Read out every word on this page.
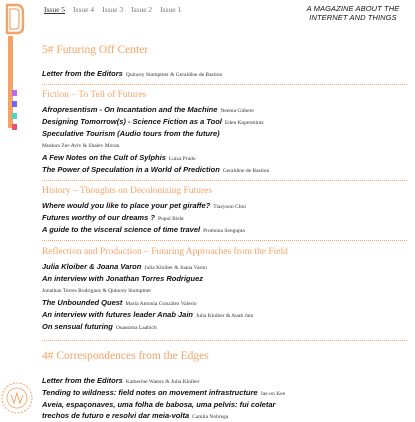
Issue 5 Issue 4 Issue 3 Issue 2 Issue 1	A MAGAZINE ABOUT THE INTERNET AND THINGS
5# Futuring Off Center
Letter from the Editors Quincey Stumptner & Geraldine de Bastion
Fiction – To Tell of Futures
Afropresentism - On Incantation and the Machine Neema Githere
Designing Tomorrow(s) - Science Fiction as a Tool Eden Kupermintz
Speculative Tourism (Audio tours from the future)
Mushon Zer-Aviv & Shalev Moran
A Few Notes on the Cult of Sylphis Luiza Prado
The Power of Speculation in a World of Prediction Geraldine de Bastion
History – Thoughts on Decolonizing Futures
Where would you like to place your pet giraffe? Tiazyoon Choi
Futures worthy of our dreams ? Pupul Bisht
A guide to the visceral science of time travel Promona Sengupta
Reflection and Production – Futuring Approaches from the Field
Julia Kloiber & Joana Varon Julia Kloiber & Joana Varon
An interview with Jonathan Torres Rodriguez
Jonathan Torres Rodriguez & Quincey Stumptner
The Unbounded Quest Maria Antonia González Valerio
An interview with futures leader Anab Jain Julia Kloiber & Anab Jain
On sensual futuring Ouassima Laabich
4# Correspondences from the Edges
Letter from the Editors Katherine Waters & Julia Kloiber
Tending to wildness: field notes on movement infrastructure Jaz-on Kee
Aveia, espaçonaves, uma folha de babosa, uma pelvis: fui coletar
trechos de futuro e resolvi dar meia-volta Camila Nobrega
